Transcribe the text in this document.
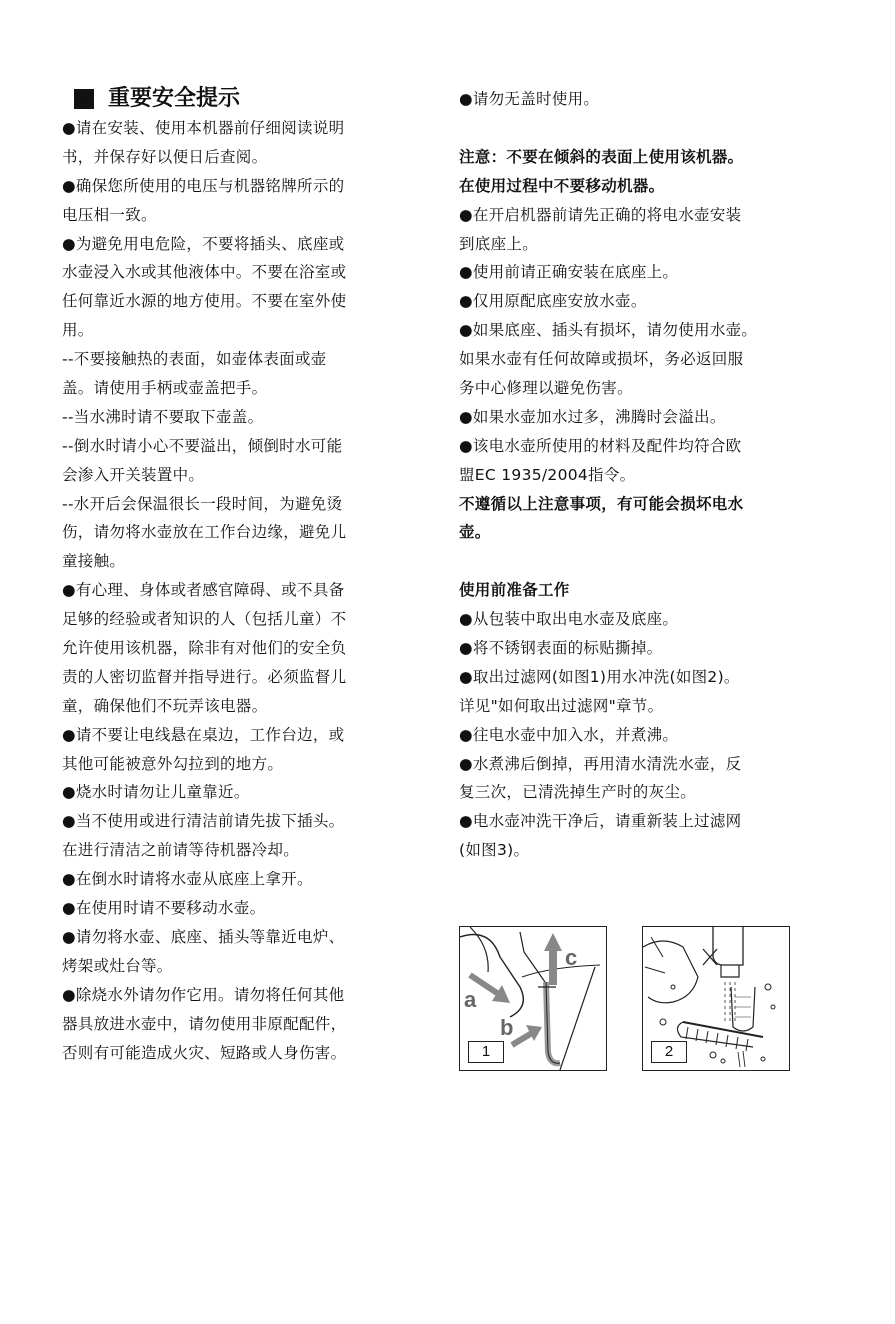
重要安全提示
●请在安装、使用本机器前仔细阅读说明
书，并保存好以便日后查阅。
●确保您所使用的电压与机器铭牌所示的
电压相一致。
●为避免用电危险，不要将插头、底座或
水壶浸入水或其他液体中。不要在浴室或
任何靠近水源的地方使用。不要在室外使
用。
--不要接触热的表面，如壶体表面或壶
盖。请使用手柄或壶盖把手。
--当水沸时请不要取下壶盖。
--倒水时请小心不要溢出，倾倒时水可能
会渗入开关装置中。
--水开后会保温很长一段时间，为避免烫
伤，请勿将水壶放在工作台边缘，避免儿
童接触。
●有心理、身体或者感官障碍、或不具备
足够的经验或者知识的人（包括儿童）不
允许使用该机器，除非有对他们的安全负
责的人密切监督并指导进行。必须监督儿
童，确保他们不玩弄该电器。
●请不要让电线悬在桌边，工作台边，或
其他可能被意外勾拉到的地方。
●烧水时请勿让儿童靠近。
●当不使用或进行清洁前请先拔下插头。
在进行清洁之前请等待机器冷却。
●在倒水时请将水壶从底座上拿开。
●在使用时请不要移动水壶。
●请勿将水壶、底座、插头等靠近电炉、
烤架或灶台等。
●除烧水外请勿作它用。请勿将任何其他
器具放进水壶中，请勿使用非原配配件，
否则有可能造成火灾、短路或人身伤害。
●请勿无盖时使用。
注意：不要在倾斜的表面上使用该机器。
在使用过程中不要移动机器。
●在开启机器前请先正确的将电水壶安装
到底座上。
●使用前请正确安装在底座上。
●仅用原配底座安放水壶。
●如果底座、插头有损坏，请勿使用水壶。
如果水壶有任何故障或损坏，务必返回服
务中心修理以避免伤害。
●如果水壶加水过多，沸腾时会溢出。
●该电水壶所使用的材料及配件均符合欧
盟EC 1935/2004指令。
不遵循以上注意事项，有可能会损坏电水
壶。
使用前准备工作
●从包装中取出电水壶及底座。
●将不锈钢表面的标贴撕掉。
●取出过滤网(如图1)用水冲洗(如图2)。
详见"如何取出过滤网"章节。
●往电水壶中加入水，并煮沸。
●水煮沸后倒掉，再用清水清洗水壶，反
复三次，已清洗掉生产时的灰尘。
●电水壶冲洗干净后，请重新装上过滤网
(如图3)。
a
b
c
1	2
